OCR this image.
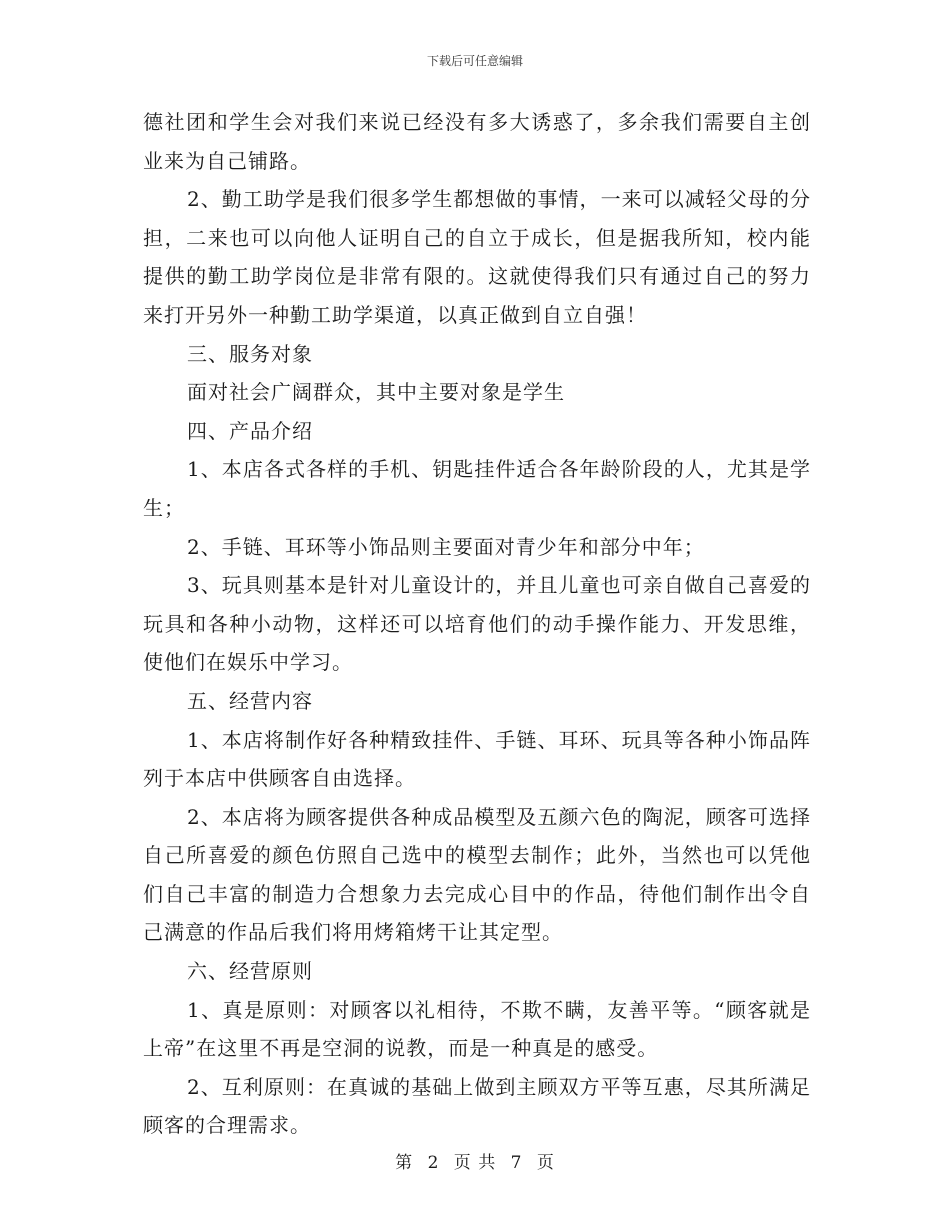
下载后可任意编辑

德社团和学生会对我们来说已经没有多大诱惑了，多余我们需要自主创业来为自己铺路。

2、勤工助学是我们很多学生都想做的事情，一来可以减轻父母的分担，二来也可以向他人证明自己的自立于成长，但是据我所知，校内能提供的勤工助学岗位是非常有限的。这就使得我们只有通过自己的努力来打开另外一种勤工助学渠道，以真正做到自立自强！

三、服务对象

面对社会广阔群众，其中主要对象是学生

四、产品介绍

1、本店各式各样的手机、钥匙挂件适合各年龄阶段的人，尤其是学生；

2、手链、耳环等小饰品则主要面对青少年和部分中年；

3、玩具则基本是针对儿童设计的，并且儿童也可亲自做自己喜爱的玩具和各种小动物，这样还可以培育他们的动手操作能力、开发思维，使他们在娱乐中学习。

五、经营内容

1、本店将制作好各种精致挂件、手链、耳环、玩具等各种小饰品阵列于本店中供顾客自由选择。

2、本店将为顾客提供各种成品模型及五颜六色的陶泥，顾客可选择自己所喜爱的颜色仿照自己选中的模型去制作；此外，当然也可以凭他们自己丰富的制造力合想象力去完成心目中的作品，待他们制作出令自己满意的作品后我们将用烤箱烤干让其定型。

六、经营原则

1、真是原则：对顾客以礼相待，不欺不瞒，友善平等。“顾客就是上帝”在这里不再是空洞的说教，而是一种真是的感受。

2、互利原则：在真诚的基础上做到主顾双方平等互惠，尽其所满足顾客的合理需求。

第 2 页 共 7 页
